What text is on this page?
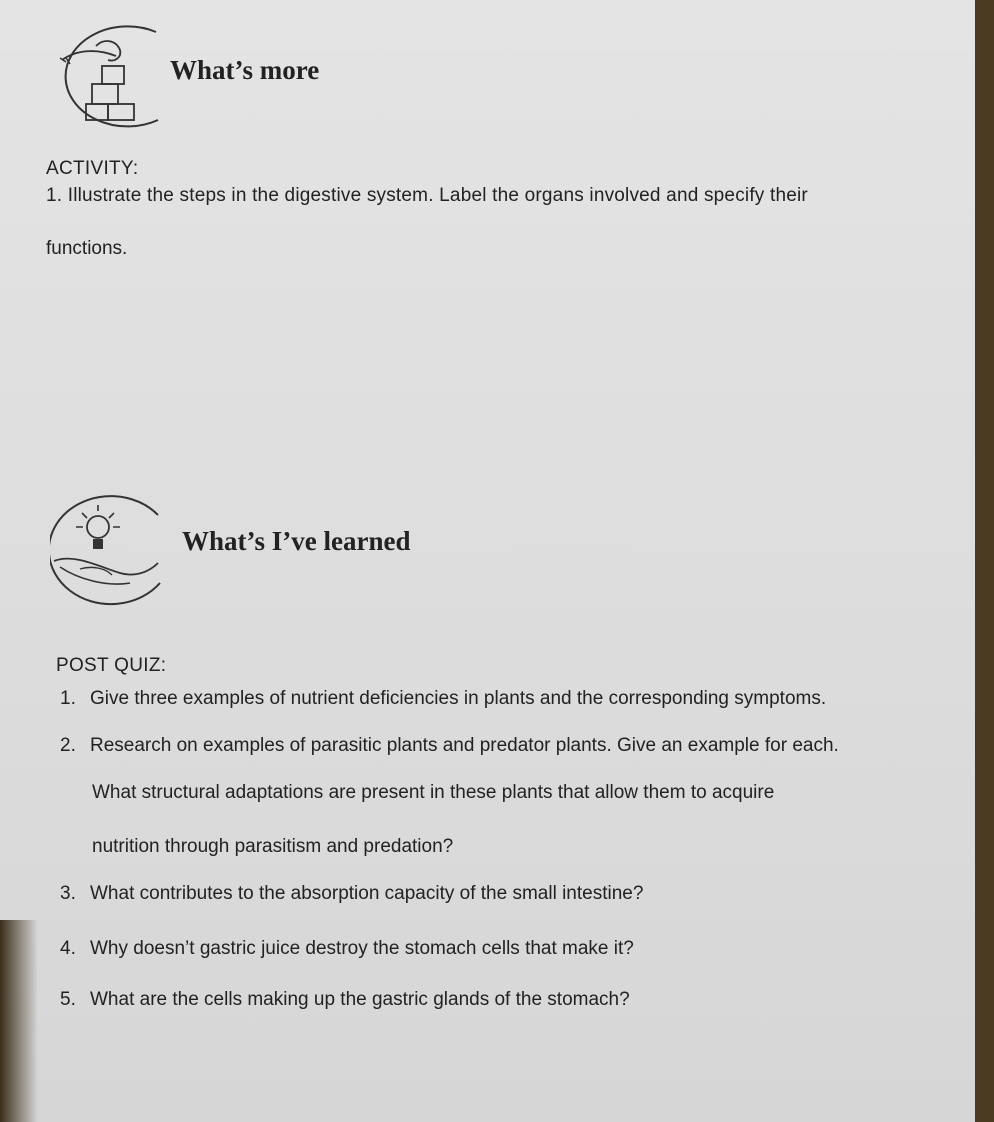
What’s more

ACTIVITY:

1. Illustrate the steps in the digestive system. Label the organs involved and specify their

functions.

What’s I’ve learned

POST QUIZ:

1. Give three examples of nutrient deficiencies in plants and the corresponding symptoms.

2. Research on examples of parasitic plants and predator plants. Give an example for each.

What structural adaptations are present in these plants that allow them to acquire

nutrition through parasitism and predation?

3. What contributes to the absorption capacity of the small intestine?

4. Why doesn’t gastric juice destroy the stomach cells that make it?

5. What are the cells making up the gastric glands of the stomach?
